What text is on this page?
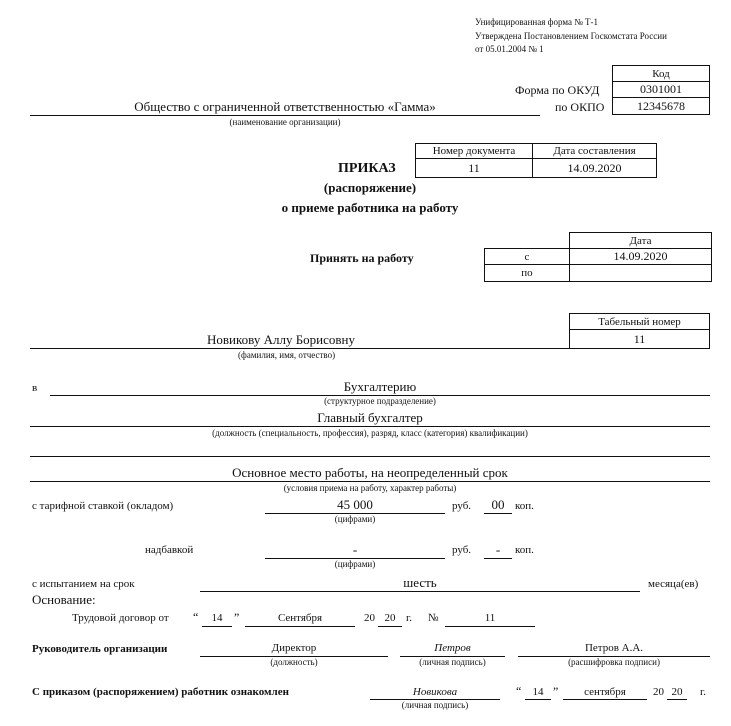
Унифицированная форма № Т-1
Утверждена Постановлением Госкомстата России
от 05.01.2004 № 1
Код
0301001
12345678
Форма по ОКУД
по ОКПО
Общество с ограниченной ответственностью «Гамма»
(наименование организации)
Номер документа	Дата составления
11	14.09.2020
ПРИКАЗ
(распоряжение)
о приеме работника на работу
Принять на работу
Дата
с	14.09.2020
по
Табельный номер
11
Новикову Аллу Борисовну
(фамилия, имя, отчество)
в	Бухгалтерию
(структурное подразделение)
Главный бухгалтер
(должность (специальность, профессия), разряд, класс (категория) квалификации)
Основное место работы, на неопределенный срок
(условия приема на работу, характер работы)
с тарифной ставкой (окладом)	45 000
(цифрами)
руб.	00 коп.
надбавкой	-
(цифрами)
руб.	-	коп.
с испытанием на срок	шесть	месяца(ев)
Основание:
Трудовой договор от “	14 ”	Сентября	20 20 г. №	11
Руководитель организации	Директор
(должность)
Петров
(личная подпись)
Петров А.А.
(расшифровка подписи)
С приказом (распоряжением) работник ознакомлен	Новикова
(личная подпись)
“	14 ”	сентября	20 20	г.
